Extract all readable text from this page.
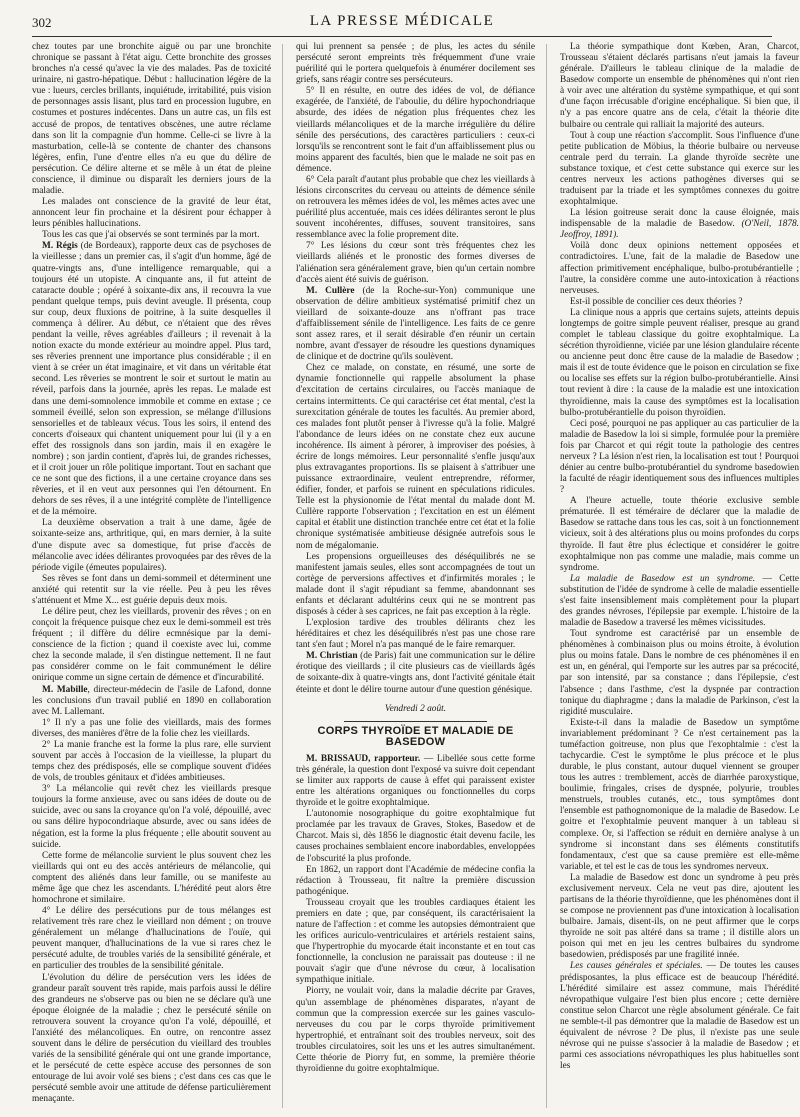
302	LA PRESSE MÉDICALE

chez toutes par une bronchite aiguë ou par une bronchite chronique se passant à l'état aigu. Cette bronchite des grosses bronches n'a cessé qu'avec la vie des malades. Pas de toxicité urinaire, ni gastro-hépatique. Début : hallucination légère de la vue : lueurs, cercles brillants, inquiétude, irritabilité, puis vision de personnages assis lisant, plus tard en procession lugubre, en costumes et postures indécentes. Dans un autre cas, un fils est accusé de propos, de tentatives obscènes, une autre réclame dans son lit la compagnie d'un homme. Celle-ci se livre à la masturbation, celle-là se contente de chanter des chansons légères, enfin, l'une d'entre elles n'a eu que du délire de persécution. Ce délire alterne et se mêle à un état de pleine conscience, il diminue ou disparaît les derniers jours de la maladie.

Les malades ont conscience de la gravité de leur état, annoncent leur fin prochaine et la désirent pour échapper à leurs pénibles hallucinations.

Tous les cas que j'ai observés se sont terminés par la mort.

M. Régis (de Bordeaux), rapporte deux cas de psychoses de la vieillesse ; dans un premier cas, il s'agit d'un homme, âgé de quatre-vingts ans, d'une intelligence remarquable, qui a toujours été un utopiste. A cinquante ans, il fut atteint de cataracte double ; opéré à soixante-dix ans, il recouvra la vue pendant quelque temps, puis devint aveugle. Il présenta, coup sur coup, deux fluxions de poitrine, à la suite desquelles il commença à délirer. Au début, ce n'étaient que des rêves pendant la veille, rêves agréables d'ailleurs ; il revenait à la notion exacte du monde extérieur au moindre appel. Plus tard, ses rêveries prennent une importance plus considérable ; il en vient à se créer un état imaginaire, et vit dans un véritable état second. Les rêveries se montrent le soir et surtout le matin au réveil, parfois dans la journée, après les repas. Le malade est dans une demi-somnolence immobile et comme en extase ; ce sommeil éveillé, selon son expression, se mélange d'illusions sensorielles et de tableaux vécus. Tous les soirs, il entend des concerts d'oiseaux qui chantent uniquement pour lui (il y a en effet des rossignols dans son jardin, mais il en exagère le nombre) ; son jardin contient, d'après lui, de grandes richesses, et il croit jouer un rôle politique important. Tout en sachant que ce ne sont que des fictions, il a une certaine croyance dans ses rêveries, et il en veut aux personnes qui l'en détournent. En dehors de ses rêves, il a une intégrité complète de l'intelligence et de la mémoire.

La deuxième observation a trait à une dame, âgée de soixante-seize ans, arthritique, qui, en mars dernier, à la suite d'une dispute avec sa domestique, fut prise d'accès de mélancolie avec idées délirantes provoquées par des rêves de la période vigile (émeutes populaires).

Ses rêves se font dans un demi-sommeil et déterminent une anxiété qui retentit sur la vie réelle. Peu à peu les rêves s'atténuent et Mme X... est guérie depuis deux mois.

Le délire peut, chez les vieillards, provenir des rêves ; on en conçoit la fréquence puisque chez eux le demi-sommeil est très fréquent ; il diffère du délire ecmnésique par la demi-conscience de la fiction ; quand il coexiste avec lui, comme chez la seconde malade, il s'en distingue nettement. Il ne faut pas considérer comme on le fait communément le délire onirique comme un signe certain de démence et d'incurabilité.

M. Mabille, directeur-médecin de l'asile de Lafond, donne les conclusions d'un travail publié en 1890 en collaboration avec M. Lallemant.

1° Il n'y a pas une folie des vieillards, mais des formes diverses, des manières d'être de la folie chez les vieillards.

2° La manie franche est la forme la plus rare, elle survient souvent par accès à l'occasion de la vieillesse, la plupart du temps chez des prédisposés, elle se complique souvent d'idées de vols, de troubles génitaux et d'idées ambitieuses.

3° La mélancolie qui revêt chez les vieillards presque toujours la forme anxieuse, avec ou sans idées de doute ou de suicide, avec ou sans la croyance qu'on l'a volé, dépouillé, avec ou sans délire hypocondriaque absurde, avec ou sans idées de négation, est la forme la plus fréquente ; elle aboutit souvent au suicide.

Cette forme de mélancolie survient le plus souvent chez les vieillards qui ont eu des accès antérieurs de mélancolie, qui comptent des aliénés dans leur famille, ou se manifeste au même âge que chez les ascendants. L'hérédité peut alors être homochrone et similaire.

4° Le délire des persécutions pur de tous mélanges est relativement très rare chez le vieillard non dément ; on trouve généralement un mélange d'hallucinations de l'ouïe, qui peuvent manquer, d'hallucinations de la vue si rares chez le persécuté adulte, de troubles variés de la sensibilité générale, et en particulier des troubles de la sensibilité génitale.

L'évolution du délire de persécution vers les idées de grandeur paraît souvent très rapide, mais parfois aussi le délire des grandeurs ne s'observe pas ou bien ne se déclare qu'à une époque éloignée de la maladie ; chez le persécuté sénile on retrouvera souvent la croyance qu'on l'a volé, dépouillé, et l'anxiété des mélancoliques. En outre, on rencontre assez souvent dans le délire de persécution du vieillard des troubles variés de la sensibilité générale qui ont une grande importance, et le persécuté de cette espèce accuse des personnes de son entourage de lui avoir volé ses biens ; c'est dans ces cas que le persécuté semble avoir une attitude de défense particulièrement menaçante.

qui lui prennent sa pensée ; de plus, les actes du sénile persécuté seront empreints très fréquemment d'une vraie puérilité qui le portera quelquefois à énumérer docilement ses griefs, sans réagir contre ses persécuteurs.

5° Il en résulte, en outre des idées de vol, de défiance exagérée, de l'anxiété, de l'aboulie, du délire hypochondriaque absurde, des idées de négation plus fréquentes chez les vieillards mélancoliques et de la marche irrégulière du délire sénile des persécutions, des caractères particuliers : ceux-ci lorsqu'ils se rencontrent sont le fait d'un affaiblissement plus ou moins apparent des facultés, bien que le malade ne soit pas en démence.

6° Cela paraît d'autant plus probable que chez les vieillards à lésions circonscrites du cerveau ou atteints de démence sénile on retrouvera les mêmes idées de vol, les mêmes actes avec une puérilité plus accentuée, mais ces idées délirantes seront le plus souvent incohérentes, diffuses, souvent transitoires, sans ressemblance avec la folie proprement dite.

7° Les lésions du cœur sont très fréquentes chez les vieillards aliénés et le pronostic des formes diverses de l'aliénation sera généralement grave, bien qu'un certain nombre d'accès aient été suivis de guérison.

M. Cullère (de la Roche-sur-Yon) communique une observation de délire ambitieux systématisé primitif chez un vieillard de soixante-douze ans n'offrant pas trace d'affaiblissement sénile de l'intelligence. Les faits de ce genre sont assez rares, et il serait désirable d'en réunir un certain nombre, avant d'essayer de résoudre les questions dynamiques de clinique et de doctrine qu'ils soulèvent.

Chez ce malade, on constate, en résumé, une sorte de dynamie fonctionnelle qui rappelle absolument la phase d'excitation de certains circulaires, ou l'accès maniaque de certains intermittents. Ce qui caractérise cet état mental, c'est la surexcitation générale de toutes les facultés. Au premier abord, ces malades font plutôt penser à l'ivresse qu'à la folie. Malgré l'abondance de leurs idées on ne constate chez eux aucune incohérence. Ils aiment à pérorer, à improviser des poésies, à écrire de longs mémoires. Leur personnalité s'enfle jusqu'aux plus extravagantes proportions. Ils se plaisent à s'attribuer une puissance extraordinaire, veulent entreprendre, réformer, édifier, fonder, et parfois se ruinent en spéculations ridicules. Telle est la physionomie de l'état mental du malade dont M. Cullère rapporte l'observation ; l'excitation en est un élément capital et établit une distinction tranchée entre cet état et la folie chronique systématisée ambitieuse désignée autrefois sous le nom de mégalomanie.

Les propensions orgueilleuses des déséquilibrés ne se manifestent jamais seules, elles sont accompagnées de tout un cortège de perversions affectives et d'infirmités morales ; le malade dont il s'agit répudiant sa femme, abandonnant ses enfants et déclarant adultérins ceux qui ne se montrent pas disposés à céder à ses caprices, ne fait pas exception à la règle.

L'explosion tardive des troubles délirants chez les héréditaires et chez les déséquilibrés n'est pas une chose rare tant s'en faut ; Morel n'a pas manqué de le faire remarquer.

M. Christian (de Paris) fait une communication sur le délire érotique des vieillards ; il cite plusieurs cas de vieillards âgés de soixante-dix à quatre-vingts ans, dont l'activité génitale était éteinte et dont le délire tourne autour d'une question génésique.

Vendredi 2 août.

CORPS THYROÏDE ET MALADIE DE BASEDOW

M. BRISSAUD, rapporteur. — Libellée sous cette forme très générale, la question dont l'exposé va suivre doit cependant se limiter aux rapports de cause à effet qui paraissent exister entre les altérations organiques ou fonctionnelles du corps thyroïde et le goitre exophtalmique.

L'autonomie nosographique du goitre exophtalmique fut proclamée par les travaux de Graves, Stokes, Basedow et de Charcot. Mais si, dès 1856 le diagnostic était devenu facile, les causes prochaines semblaient encore inabordables, enveloppées de l'obscurité la plus profonde.

En 1862, un rapport dont l'Académie de médecine confia la rédaction à Trousseau, fit naître la première discussion pathogénique.

Trousseau croyait que les troubles cardiaques étaient les premiers en date ; que, par conséquent, ils caractérisaient la nature de l'affection : et comme les autopsies démontraient que les orifices auriculo-ventriculaires et artériels restaient sains, que l'hypertrophie du myocarde était inconstante et en tout cas fonctionnelle, la conclusion ne paraissait pas douteuse : il ne pouvait s'agir que d'une névrose du cœur, à localisation sympathique initiale.

Piorry, ne voulait voir, dans la maladie décrite par Graves, qu'un assemblage de phénomènes disparates, n'ayant de commun que la compression exercée sur les gaines vasculo-nerveuses du cou par le corps thyroïde primitivement hypertrophié, et entraînant soit des troubles nerveux, soit des troubles circulatoires, soit les uns et les autres simultanément. Cette théorie de Piorry fut, en somme, la première théorie thyroïdienne du goitre exophtalmique.

La théorie sympathique dont Kœben, Aran, Charcot, Trousseau s'étaient déclarés partisans n'eut jamais la faveur générale. D'ailleurs le tableau clinique de la maladie de Basedow comporte un ensemble de phénomènes qui n'ont rien à voir avec une altération du système sympathique, et qui sont d'une façon irrécusable d'origine encéphalique. Si bien que, il n'y a pas encore quatre ans de cela, c'était la théorie dite bulbaire ou centrale qui ralliait la majorité des auteurs.

Tout à coup une réaction s'accomplit. Sous l'influence d'une petite publication de Möbius, la théorie bulbaire ou nerveuse centrale perd du terrain. La glande thyroïde secrète une substance toxique, et c'est cette substance qui exerce sur les centres nerveux les actions pathogènes diverses qui se traduisent par la triade et les symptômes connexes du goitre exophtalmique.

La lésion goitreuse serait donc la cause éloignée, mais indispensable de la maladie de Basedow. (O'Neil, 1878. Jeoffroy, 1891).

Voilà donc deux opinions nettement opposées et contradictoires. L'une, fait de la maladie de Basedow une affection primitivement encéphalique, bulbo-protubérantielle ; l'autre, la considère comme une auto-intoxication à réactions nerveuses.

Est-il possible de concilier ces deux théories ?

La clinique nous a appris que certains sujets, atteints depuis longtemps de goitre simple peuvent réaliser, presque au grand complet le tableau classique du goitre exophtalmique. La sécrétion thyroïdienne, viciée par une lésion glandulaire récente ou ancienne peut donc être cause de la maladie de Basedow ; mais il est de toute évidence que le poison en circulation se fixe ou localise ses effets sur la région bulbo-protubérantielle. Ainsi tout revient à dire : la cause de la maladie est une intoxication thyroïdienne, mais la cause des symptômes est la localisation bulbo-protubérantielle du poison thyroïdien.

Ceci posé, pourquoi ne pas appliquer au cas particulier de la maladie de Basedow la loi si simple, formulée pour la première fois par Charcot et qui régit toute la pathologie des centres nerveux ? La lésion n'est rien, la localisation est tout ! Pourquoi dénier au centre bulbo-protubérantiel du syndrome basedowien la faculté de réagir identiquement sous des influences multiples ?

A l'heure actuelle, toute théorie exclusive semble prématurée. Il est téméraire de déclarer que la maladie de Basedow se rattache dans tous les cas, soit à un fonctionnement vicieux, soit à des altérations plus ou moins profondes du corps thyroïde. Il faut être plus éclectique et considérer le goitre exophtalmique non pas comme une maladie, mais comme un syndrome.

La maladie de Basedow est un syndrome. — Cette substitution de l'idée de syndrome à celle de maladie essentielle s'est faite insensiblement mais complètement pour la plupart des grandes névroses, l'épilepsie par exemple. L'histoire de la maladie de Basedow a traversé les mêmes vicissitudes.

Tout syndrome est caractérisé par un ensemble de phénomènes à combinaison plus ou moins étroite, à évolution plus ou moins fatale. Dans le nombre de ces phénomènes il en est un, en général, qui l'emporte sur les autres par sa précocité, par son intensité, par sa constance ; dans l'épilepsie, c'est l'absence ; dans l'asthme, c'est la dyspnée par contraction tonique du diaphragme ; dans la maladie de Parkinson, c'est la rigidité musculaire.

Existe-t-il dans la maladie de Basedow un symptôme invariablement prédominant ? Ce n'est certainement pas la tuméfaction goitreuse, non plus que l'exophtalmie : c'est la tachycardie. C'est le symptôme le plus précoce et le plus durable, le plus constant, autour duquel viennent se grouper tous les autres : tremblement, accès de diarrhée paroxystique, boulimie, fringales, crises de dyspnée, polyurie, troubles menstruels, troubles cutanés, etc., tous symptômes dont l'ensemble est pathognomonique de la maladie de Basedow. Le goitre et l'exophtalmie peuvent manquer à un tableau si complexe. Or, si l'affection se réduit en dernière analyse à un syndrome si inconstant dans ses éléments constitutifs fondamentaux, c'est que sa cause première est elle-même variable, et tel est le cas de tous les syndromes nerveux.

La maladie de Basedow est donc un syndrome à peu près exclusivement nerveux. Cela ne veut pas dire, ajoutent les partisans de la théorie thyroïdienne, que les phénomènes dont il se compose ne proviennent pas d'une intoxication à localisation bulbaire. Jamais, disent-ils, on ne peut affirmer que le corps thyroïde ne soit pas altéré dans sa trame ; il distille alors un poison qui met en jeu les centres bulbaires du syndrome basedowien, prédisposés par une fragilité innée.

Les causes générales et spéciales. — De toutes les causes prédisposantes, la plus efficace est de beaucoup l'hérédité. L'hérédité similaire est assez commune, mais l'hérédité névropathique vulgaire l'est bien plus encore ; cette dernière constitue selon Charcot une règle absolument générale. Ce fait ne semble-t-il pas démontrer que la maladie de Basedow est un équivalent de névrose ? De plus, il n'existe pas une seule névrose qui ne puisse s'associer à la maladie de Basedow ; et parmi ces associations névropathiques les plus habituelles sont les
